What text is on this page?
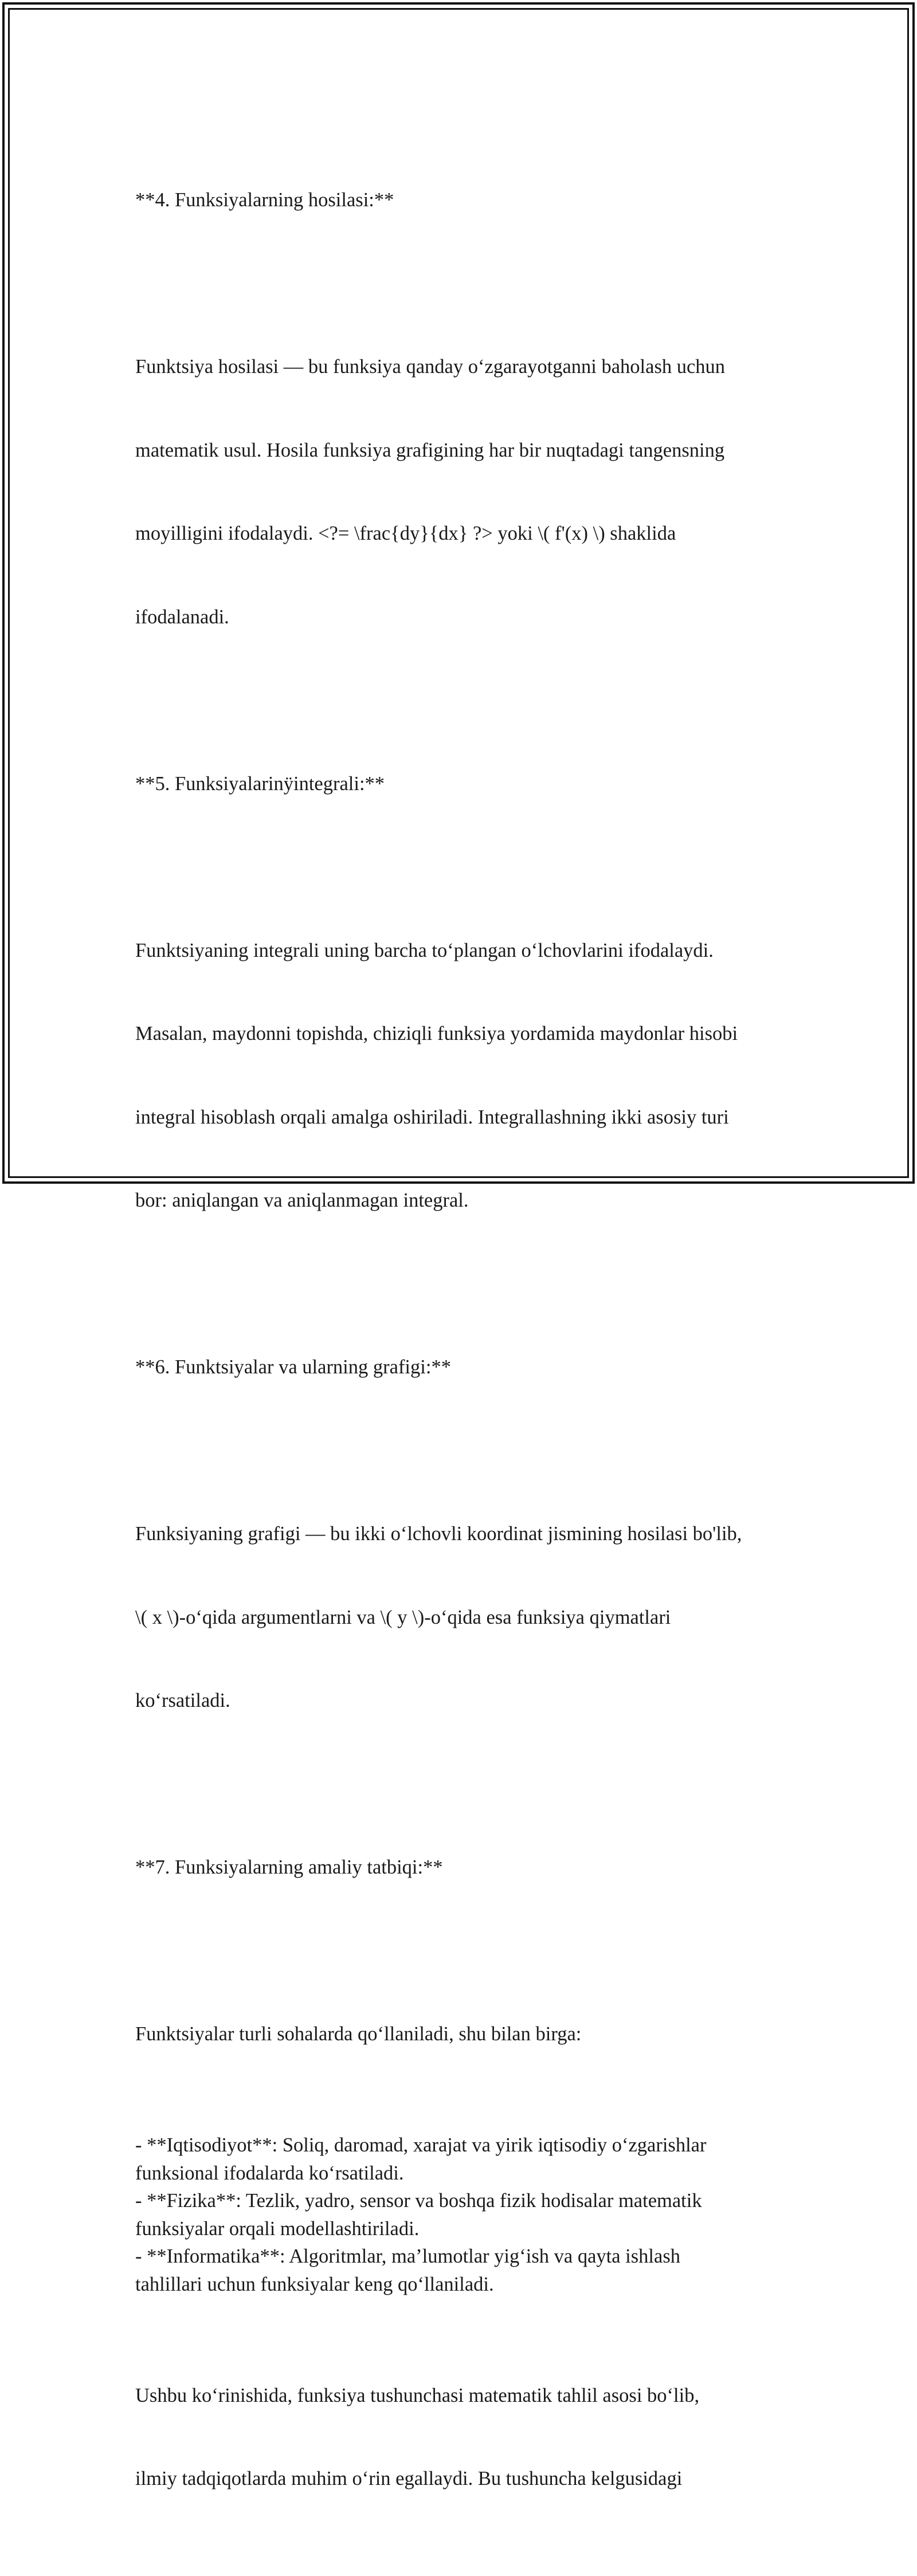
**4. Funksiyalarning hosilasi:**

Funktsiya hosilasi — bu funksiya qanday o‘zgarayotganni baholash uchun

matematik usul. Hosila funksiya grafigining har bir nuqtadagi tangensning

moyilligini ifodalaydi. <?= \frac{dy}{dx} ?> yoki \( f'(x) \) shaklida

ifodalanadi.

**5. Funksiyalarinÿintegrali:**

Funktsiyaning integrali uning barcha to‘plangan o‘lchovlarini ifodalaydi.

Masalan, maydonni topishda, chiziqli funksiya yordamida maydonlar hisobi

integral hisoblash orqali amalga oshiriladi. Integrallashning ikki asosiy turi

bor: aniqlangan va aniqlanmagan integral.

**6. Funktsiyalar va ularning grafigi:**

Funksiyaning grafigi — bu ikki o‘lchovli koordinat jismining hosilasi bo'lib,

\( x \)-o‘qida argumentlarni va \( y \)-o‘qida esa funksiya qiymatlari

ko‘rsatiladi.

**7. Funksiyalarning amaliy tatbiqi:**

Funktsiyalar turli sohalarda qo‘llaniladi, shu bilan birga:

- **Iqtisodiyot**: Soliq, daromad, xarajat va yirik iqtisodiy o‘zgarishlar
funksional ifodalarda ko‘rsatiladi.
- **Fizika**: Tezlik, yadro, sensor va boshqa fizik hodisalar matematik
funksiyalar orqali modellashtiriladi.
- **Informatika**: Algoritmlar, ma’lumotlar yig‘ish va qayta ishlash
tahlillari uchun funksiyalar keng qo‘llaniladi.

Ushbu ko‘rinishida, funksiya tushunchasi matematik tahlil asosi bo‘lib,

ilmiy tadqiqotlarda muhim o‘rin egallaydi. Bu tushuncha kelgusidagi
